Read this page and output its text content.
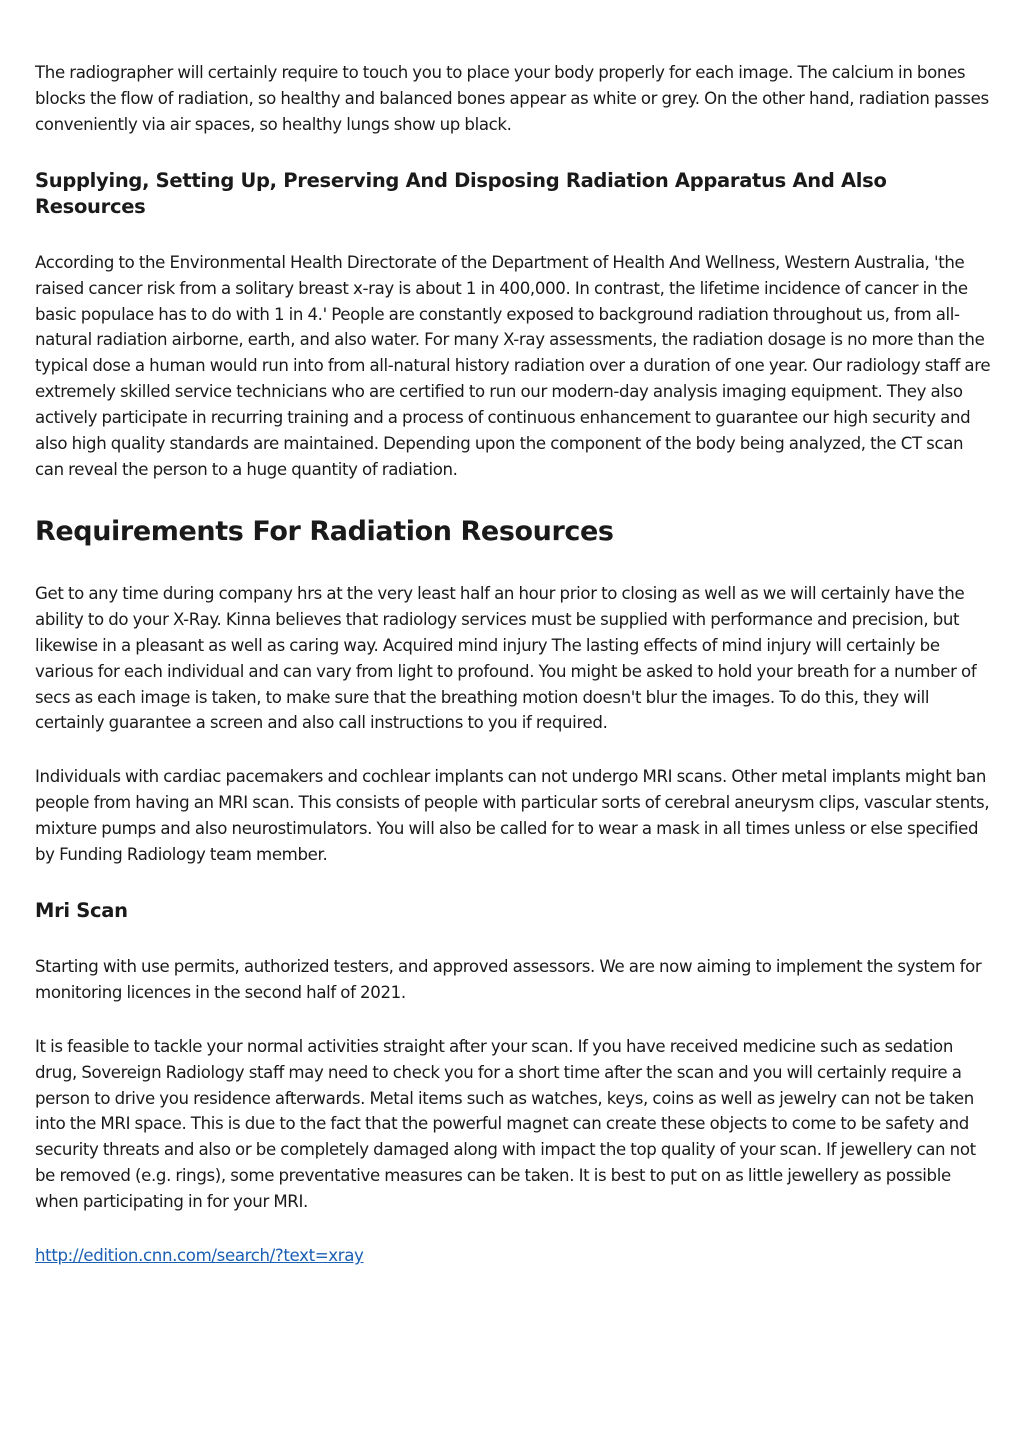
The radiographer will certainly require to touch you to place your body properly for each image. The calcium in bones blocks the flow of radiation, so healthy and balanced bones appear as white or grey. On the other hand, radiation passes conveniently via air spaces, so healthy lungs show up black.

Supplying, Setting Up, Preserving And Disposing Radiation Apparatus And Also Resources

According to the Environmental Health Directorate of the Department of Health And Wellness, Western Australia, 'the raised cancer risk from a solitary breast x-ray is about 1 in 400,000. In contrast, the lifetime incidence of cancer in the basic populace has to do with 1 in 4.' People are constantly exposed to background radiation throughout us, from all-natural radiation airborne, earth, and also water. For many X-ray assessments, the radiation dosage is no more than the typical dose a human would run into from all-natural history radiation over a duration of one year. Our radiology staff are extremely skilled service technicians who are certified to run our modern-day analysis imaging equipment. They also actively participate in recurring training and a process of continuous enhancement to guarantee our high security and also high quality standards are maintained. Depending upon the component of the body being analyzed, the CT scan can reveal the person to a huge quantity of radiation.

Requirements For Radiation Resources

Get to any time during company hrs at the very least half an hour prior to closing as well as we will certainly have the ability to do your X-Ray. Kinna believes that radiology services must be supplied with performance and precision, but likewise in a pleasant as well as caring way. Acquired mind injury The lasting effects of mind injury will certainly be various for each individual and can vary from light to profound. You might be asked to hold your breath for a number of secs as each image is taken, to make sure that the breathing motion doesn't blur the images. To do this, they will certainly guarantee a screen and also call instructions to you if required.

Individuals with cardiac pacemakers and cochlear implants can not undergo MRI scans. Other metal implants might ban people from having an MRI scan. This consists of people with particular sorts of cerebral aneurysm clips, vascular stents, mixture pumps and also neurostimulators. You will also be called for to wear a mask in all times unless or else specified by Funding Radiology team member.

Mri Scan

Starting with use permits, authorized testers, and approved assessors. We are now aiming to implement the system for monitoring licences in the second half of 2021.

It is feasible to tackle your normal activities straight after your scan. If you have received medicine such as sedation drug, Sovereign Radiology staff may need to check you for a short time after the scan and you will certainly require a person to drive you residence afterwards. Metal items such as watches, keys, coins as well as jewelry can not be taken into the MRI space. This is due to the fact that the powerful magnet can create these objects to come to be safety and security threats and also or be completely damaged along with impact the top quality of your scan. If jewellery can not be removed (e.g. rings), some preventative measures can be taken. It is best to put on as little jewellery as possible when participating in for your MRI.

http://edition.cnn.com/search/?text=xray
